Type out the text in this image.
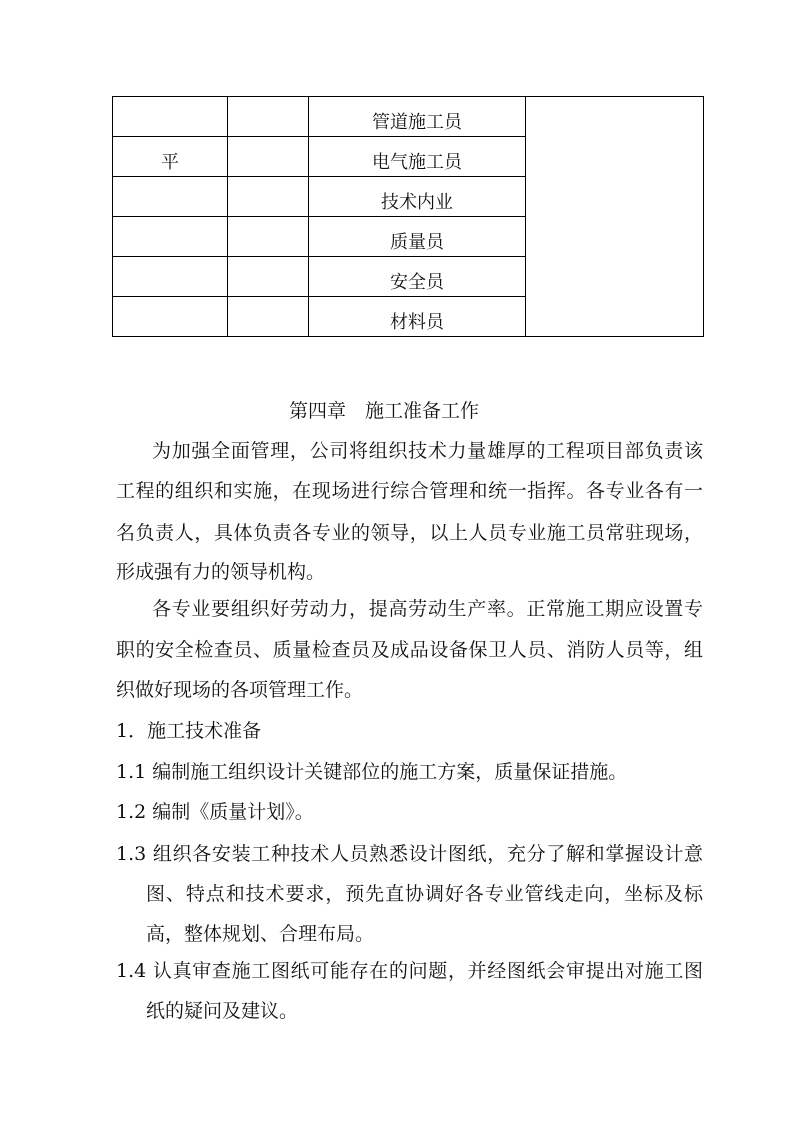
		管道施工员	
平		电气施工员	
		技术内业	
		质量员	
		安全员	
		材料员	
第四章　施工准备工作
为加强全面管理，公司将组织技术力量雄厚的工程项目部负责该
工程的组织和实施，在现场进行综合管理和统一指挥。各专业各有一
名负责人，具体负责各专业的领导，以上人员专业施工员常驻现场，
形成强有力的领导机构。
各专业要组织好劳动力，提高劳动生产率。正常施工期应设置专
职的安全检查员、质量检查员及成品设备保卫人员、消防人员等，组
织做好现场的各项管理工作。
1．施工技术准备
1.1 编制施工组织设计关键部位的施工方案，质量保证措施。
1.2 编制《质量计划》。
1.3 组织各安装工种技术人员熟悉设计图纸，充分了解和掌握设计意
图、特点和技术要求，预先直协调好各专业管线走向，坐标及标
高，整体规划、合理布局。
1.4 认真审查施工图纸可能存在的问题，并经图纸会审提出对施工图
纸的疑问及建议。
